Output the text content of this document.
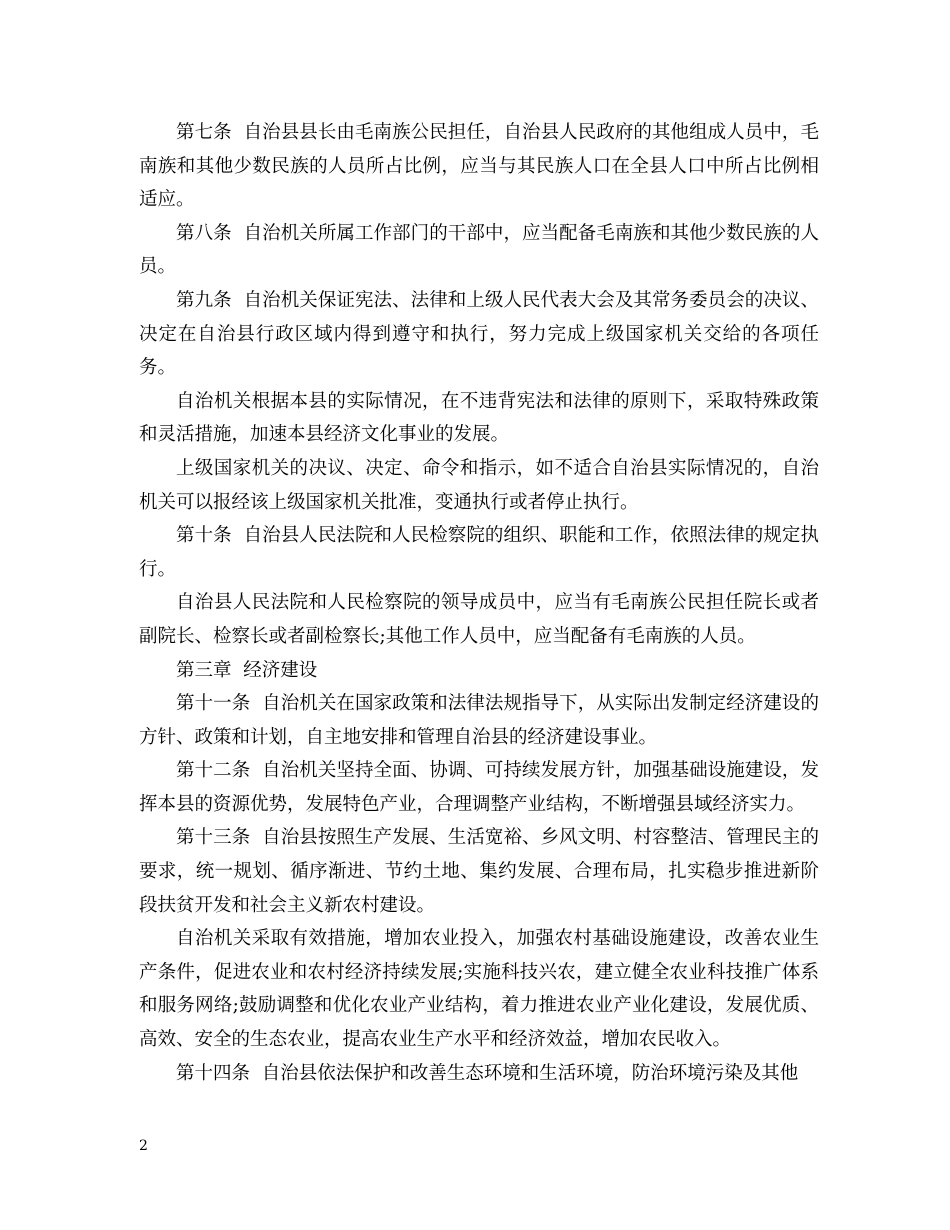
第七条  自治县县长由毛南族公民担任，自治县人民政府的其他组成人员中，毛南族和其他少数民族的人员所占比例，应当与其民族人口在全县人口中所占比例相适应。

第八条  自治机关所属工作部门的干部中，应当配备毛南族和其他少数民族的人员。

第九条  自治机关保证宪法、法律和上级人民代表大会及其常务委员会的决议、决定在自治县行政区域内得到遵守和执行，努力完成上级国家机关交给的各项任务。

自治机关根据本县的实际情况，在不违背宪法和法律的原则下，采取特殊政策和灵活措施，加速本县经济文化事业的发展。

上级国家机关的决议、决定、命令和指示，如不适合自治县实际情况的，自治机关可以报经该上级国家机关批准，变通执行或者停止执行。

第十条  自治县人民法院和人民检察院的组织、职能和工作，依照法律的规定执行。

自治县人民法院和人民检察院的领导成员中，应当有毛南族公民担任院长或者副院长、检察长或者副检察长;其他工作人员中，应当配备有毛南族的人员。

第三章  经济建设

第十一条  自治机关在国家政策和法律法规指导下，从实际出发制定经济建设的方针、政策和计划，自主地安排和管理自治县的经济建设事业。

第十二条  自治机关坚持全面、协调、可持续发展方针，加强基础设施建设，发挥本县的资源优势，发展特色产业，合理调整产业结构，不断增强县域经济实力。

第十三条  自治县按照生产发展、生活宽裕、乡风文明、村容整洁、管理民主的要求，统一规划、循序渐进、节约土地、集约发展、合理布局，扎实稳步推进新阶段扶贫开发和社会主义新农村建设。

自治机关采取有效措施，增加农业投入，加强农村基础设施建设，改善农业生产条件，促进农业和农村经济持续发展;实施科技兴农，建立健全农业科技推广体系和服务网络;鼓励调整和优化农业产业结构，着力推进农业产业化建设，发展优质、高效、安全的生态农业，提高农业生产水平和经济效益，增加农民收入。

第十四条  自治县依法保护和改善生态环境和生活环境，防治环境污染及其他

2
